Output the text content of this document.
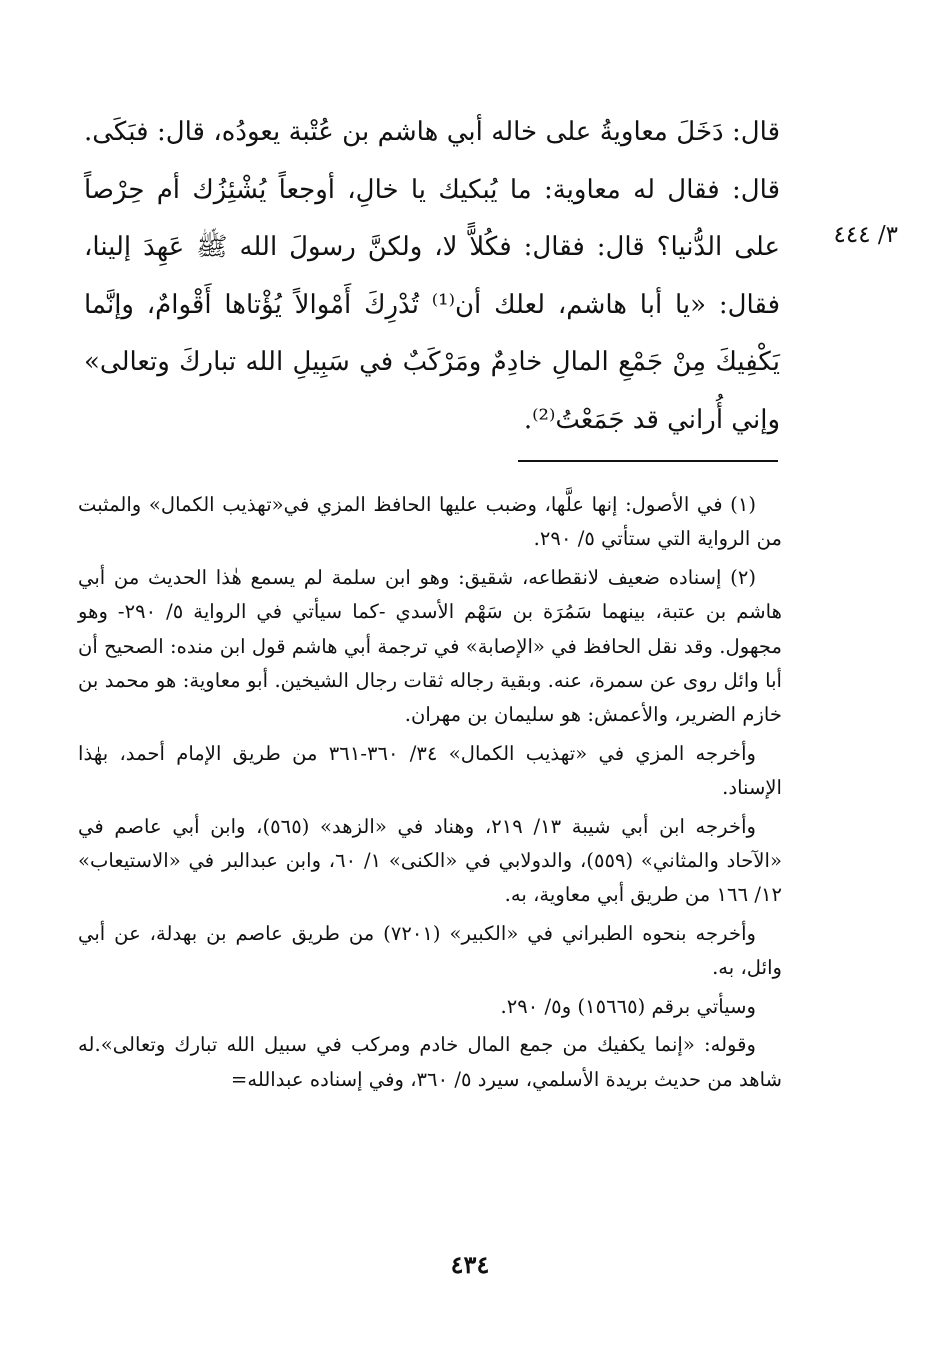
٣/ ٤٤٤

قال: دَخَلَ معاويةُ على خاله أبي هاشم بن عُتْبة يعودُه، قال: فبَكَى. قال: فقال له معاوية: ما يُبكيك يا خالِ، أوجعاً يُشْئِزُك أم حِرْصاً على الدُّنيا؟ قال: فقال: فكُلاًّ لا، ولكنَّ رسولَ الله ﷺ عَهِدَ إلينا، فقال: «يا أبا هاشم، لعلك أن⁽¹⁾ تُدْرِكَ أَمْوالاً يُؤْتاها أَقْوامٌ، وإنَّما يَكْفِيكَ مِنْ جَمْعِ المالِ خادِمٌ ومَرْكَبٌ في سَبِيلِ الله تباركَ وتعالى» وإني أُراني قد جَمَعْتُ⁽²⁾.

(١) في الأصول: إنها علَّها، وضبب عليها الحافظ المزي في«تهذيب الكمال» والمثبت من الرواية التي ستأتي ٥/ ٢٩٠.

(٢) إسناده ضعيف لانقطاعه، شقيق: وهو ابن سلمة لم يسمع هٰذا الحديث من أبي هاشم بن عتبة، بينهما سَمُرَة بن سَهْم الأسدي -كما سيأتي في الرواية ٥/ ٢٩٠- وهو مجهول. وقد نقل الحافظ في «الإصابة» في ترجمة أبي هاشم قول ابن منده: الصحيح أن أبا وائل روى عن سمرة، عنه. وبقية رجاله ثقات رجال الشيخين. أبو معاوية: هو محمد بن خازم الضرير، والأعمش: هو سليمان بن مهران.

وأخرجه المزي في «تهذيب الكمال» ٣٤/ ٣٦٠-٣٦١ من طريق الإمام أحمد، بهٰذا الإسناد.

وأخرجه ابن أبي شيبة ١٣/ ٢١٩، وهناد في «الزهد» (٥٦٥)، وابن أبي عاصم في «الآحاد والمثاني» (٥٥٩)، والدولابي في «الكنى» ١/ ٦٠، وابن عبدالبر في «الاستيعاب» ١٢/ ١٦٦ من طريق أبي معاوية، به.

وأخرجه بنحوه الطبراني في «الكبير» (٧٢٠١) من طريق عاصم بن بهدلة، عن أبي وائل، به.

وسيأتي برقم (١٥٦٦٥) و٥/ ٢٩٠.

وقوله: «إنما يكفيك من جمع المال خادم ومركب في سبيل الله تبارك وتعالى».له شاهد من حديث بريدة الأسلمي، سيرد ٥/ ٣٦٠، وفي إسناده عبدالله=

٤٣٤
